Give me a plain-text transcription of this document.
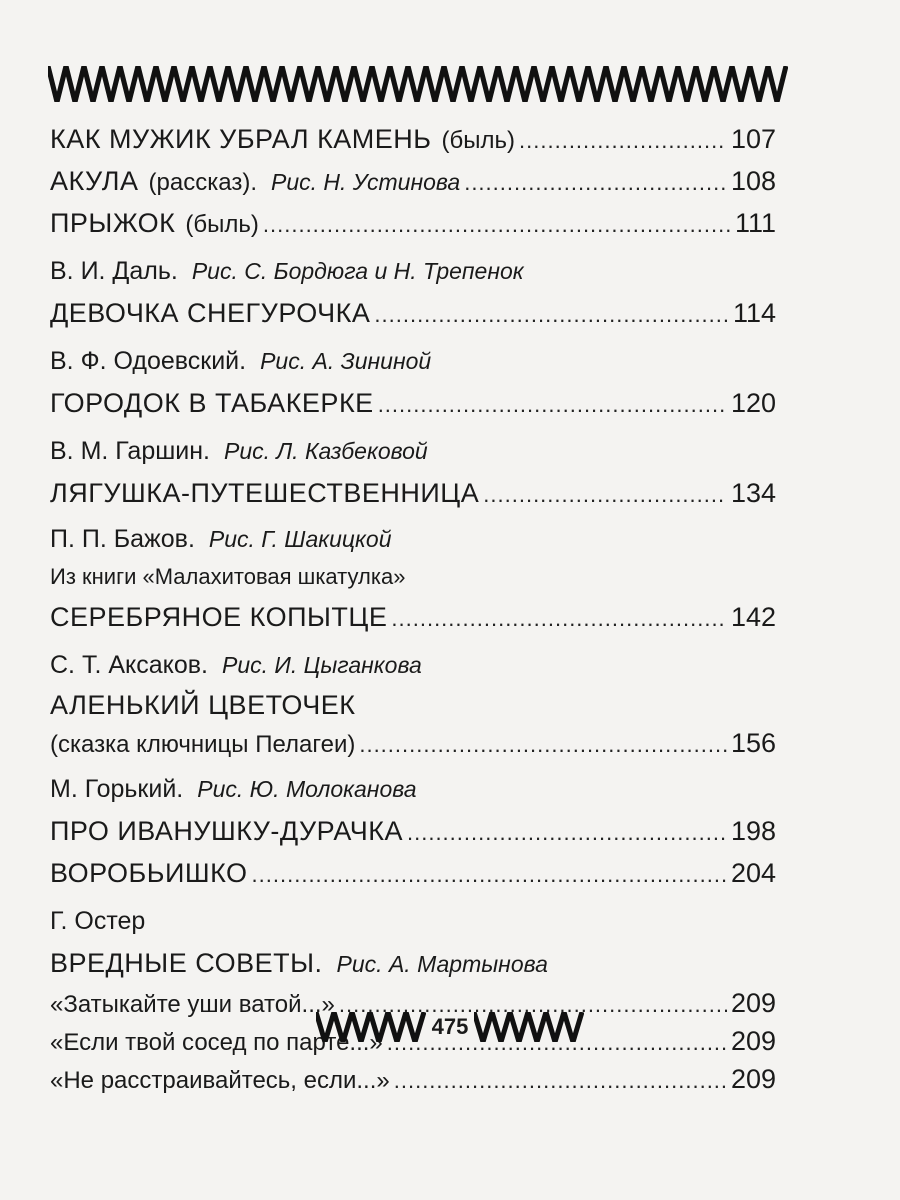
КАК МУЖИК УБРАЛ КАМЕНЬ (быль) .....	107
АКУЛА (рассказ). Рис. Н. Устинова .....	108
ПРЫЖОК (быль) .....	111
В. И. Даль. Рис. С. Бордюга и Н. Трепенок
ДЕВОЧКА СНЕГУРОЧКА .....	114
В. Ф. Одоевский. Рис. А. Зининой
ГОРОДОК В ТАБАКЕРКЕ .....	120
В. М. Гаршин. Рис. Л. Казбековой
ЛЯГУШКА-ПУТЕШЕСТВЕННИЦА .....	134
П. П. Бажов. Рис. Г. Шакицкой
Из книги «Малахитовая шкатулка»
СЕРЕБРЯНОЕ КОПЫТЦЕ .....	142
С. Т. Аксаков. Рис. И. Цыганкова
АЛЕНЬКИЙ ЦВЕТОЧЕК
(сказка ключницы Пелагеи) .....	156
М. Горький. Рис. Ю. Молоканова
ПРО ИВАНУШКУ-ДУРАЧКА .....	198
ВОРОБЬИШКО .....	204
Г. Остер
ВРЕДНЫЕ СОВЕТЫ. Рис. А. Мартынова
«Затыкайте уши ватой...» .....	209
«Если твой сосед по парте...» .....	209
«Не расстраивайтесь, если...» .....	209
475
